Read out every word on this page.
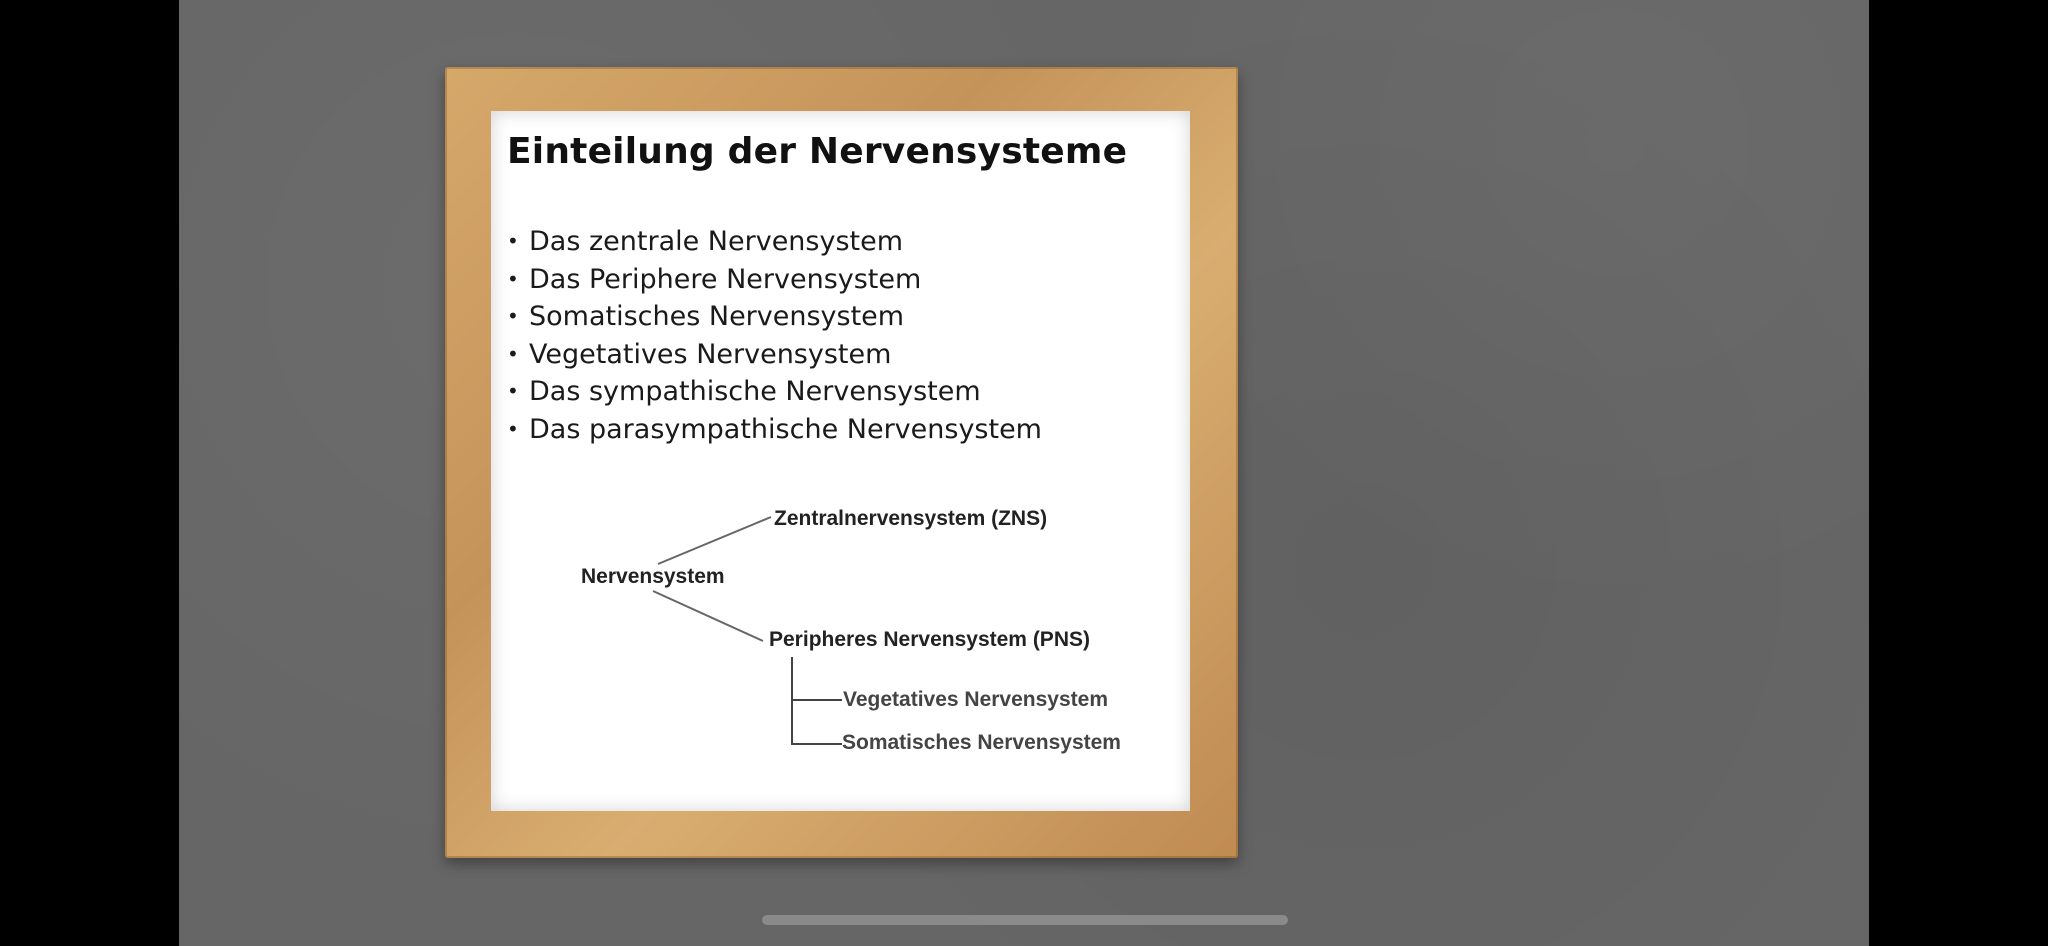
Einteilung der Nervensysteme
• Das zentrale Nervensystem
• Das Periphere Nervensystem
• Somatisches Nervensystem
• Vegetatives Nervensystem
• Das sympathische Nervensystem
• Das parasympathische Nervensystem
Nervensystem
Zentralnervensystem (ZNS)
Peripheres Nervensystem (PNS)
Vegetatives Nervensystem
Somatisches Nervensystem
